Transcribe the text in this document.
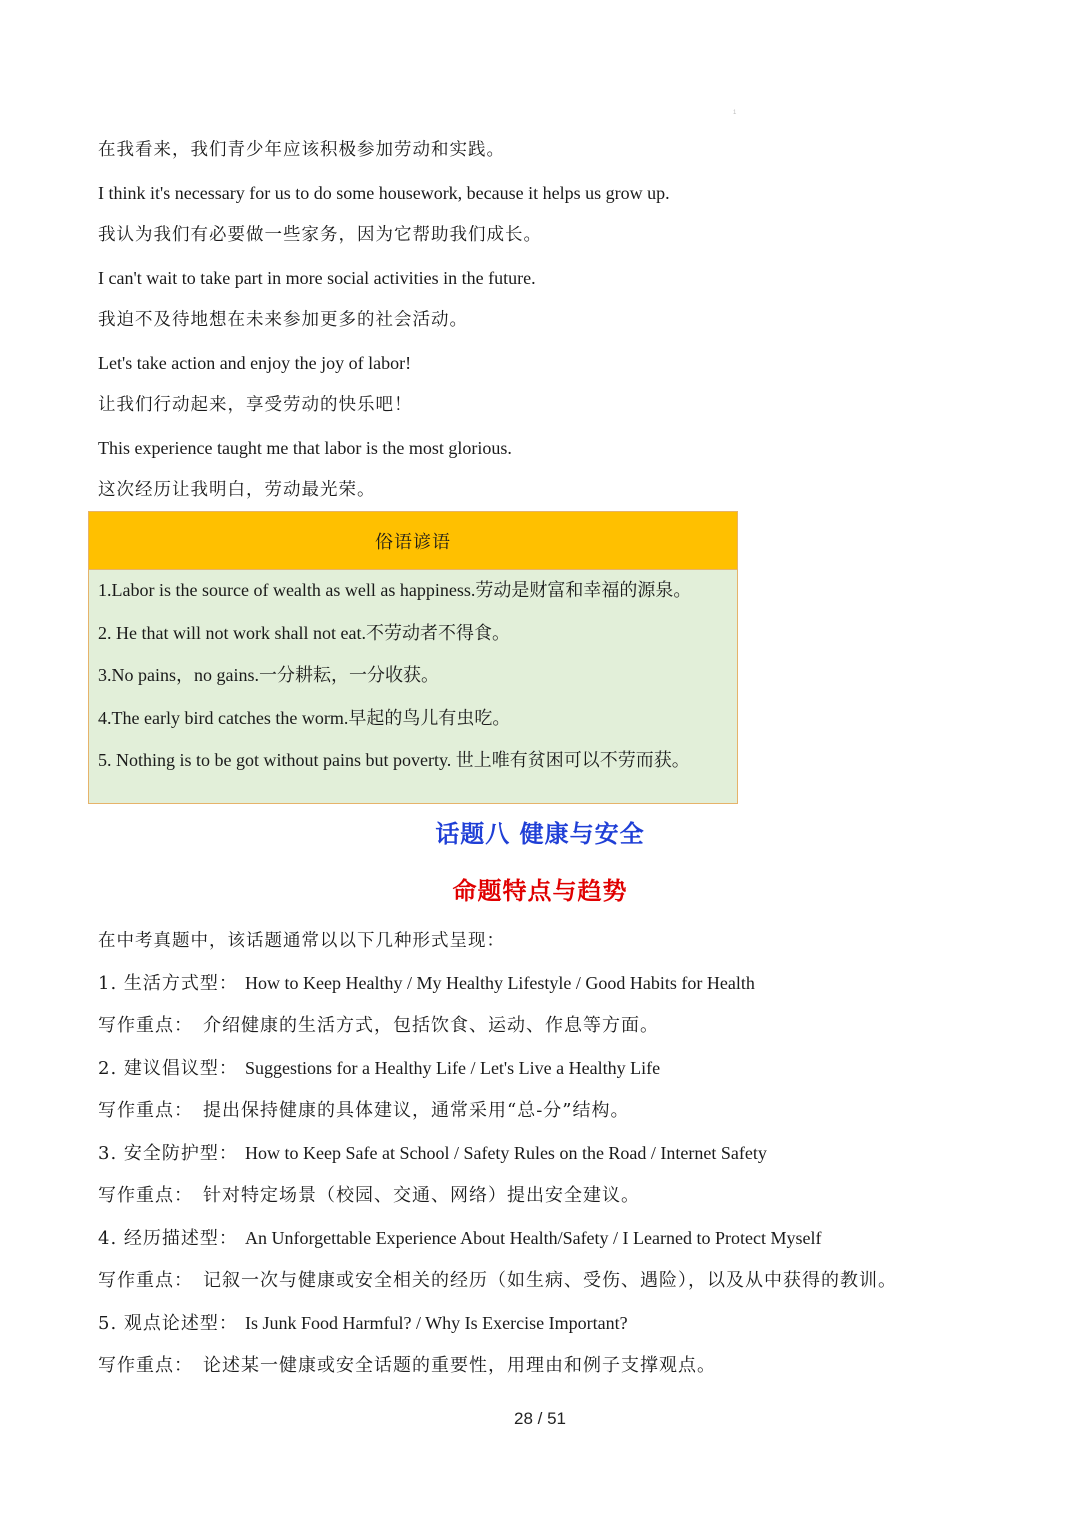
1
在我看来，我们青少年应该积极参加劳动和实践。
I think it's necessary for us to do some housework, because it helps us grow up.
我认为我们有必要做一些家务，因为它帮助我们成长。
I can't wait to take part in more social activities in the future.
我迫不及待地想在未来参加更多的社会活动。
Let's take action and enjoy the joy of labor!
让我们行动起来，享受劳动的快乐吧！
This experience taught me that labor is the most glorious.
这次经历让我明白，劳动最光荣。
俗语谚语
1.Labor is the source of wealth as well as happiness.劳动是财富和幸福的源泉。
2. He that will not work shall not eat.不劳动者不得食。
3.No pains，no gains.一分耕耘，一分收获。
4.The early bird catches the worm.早起的鸟儿有虫吃。
5. Nothing is to be got without pains but poverty. 世上唯有贫困可以不劳而获。
话题八 健康与安全
命题特点与趋势
在中考真题中，该话题通常以以下几种形式呈现：
1. 生活方式型： How to Keep Healthy / My Healthy Lifestyle / Good Habits for Health
写作重点： 介绍健康的生活方式，包括饮食、运动、作息等方面。
2. 建议倡议型： Suggestions for a Healthy Life / Let's Live a Healthy Life
写作重点： 提出保持健康的具体建议，通常采用“总-分”结构。
3. 安全防护型： How to Keep Safe at School / Safety Rules on the Road / Internet Safety
写作重点： 针对特定场景（校园、交通、网络）提出安全建议。
4. 经历描述型： An Unforgettable Experience About Health/Safety / I Learned to Protect Myself
写作重点： 记叙一次与健康或安全相关的经历（如生病、受伤、遇险），以及从中获得的教训。
5. 观点论述型： Is Junk Food Harmful? / Why Is Exercise Important?
写作重点： 论述某一健康或安全话题的重要性，用理由和例子支撑观点。
28 / 51
